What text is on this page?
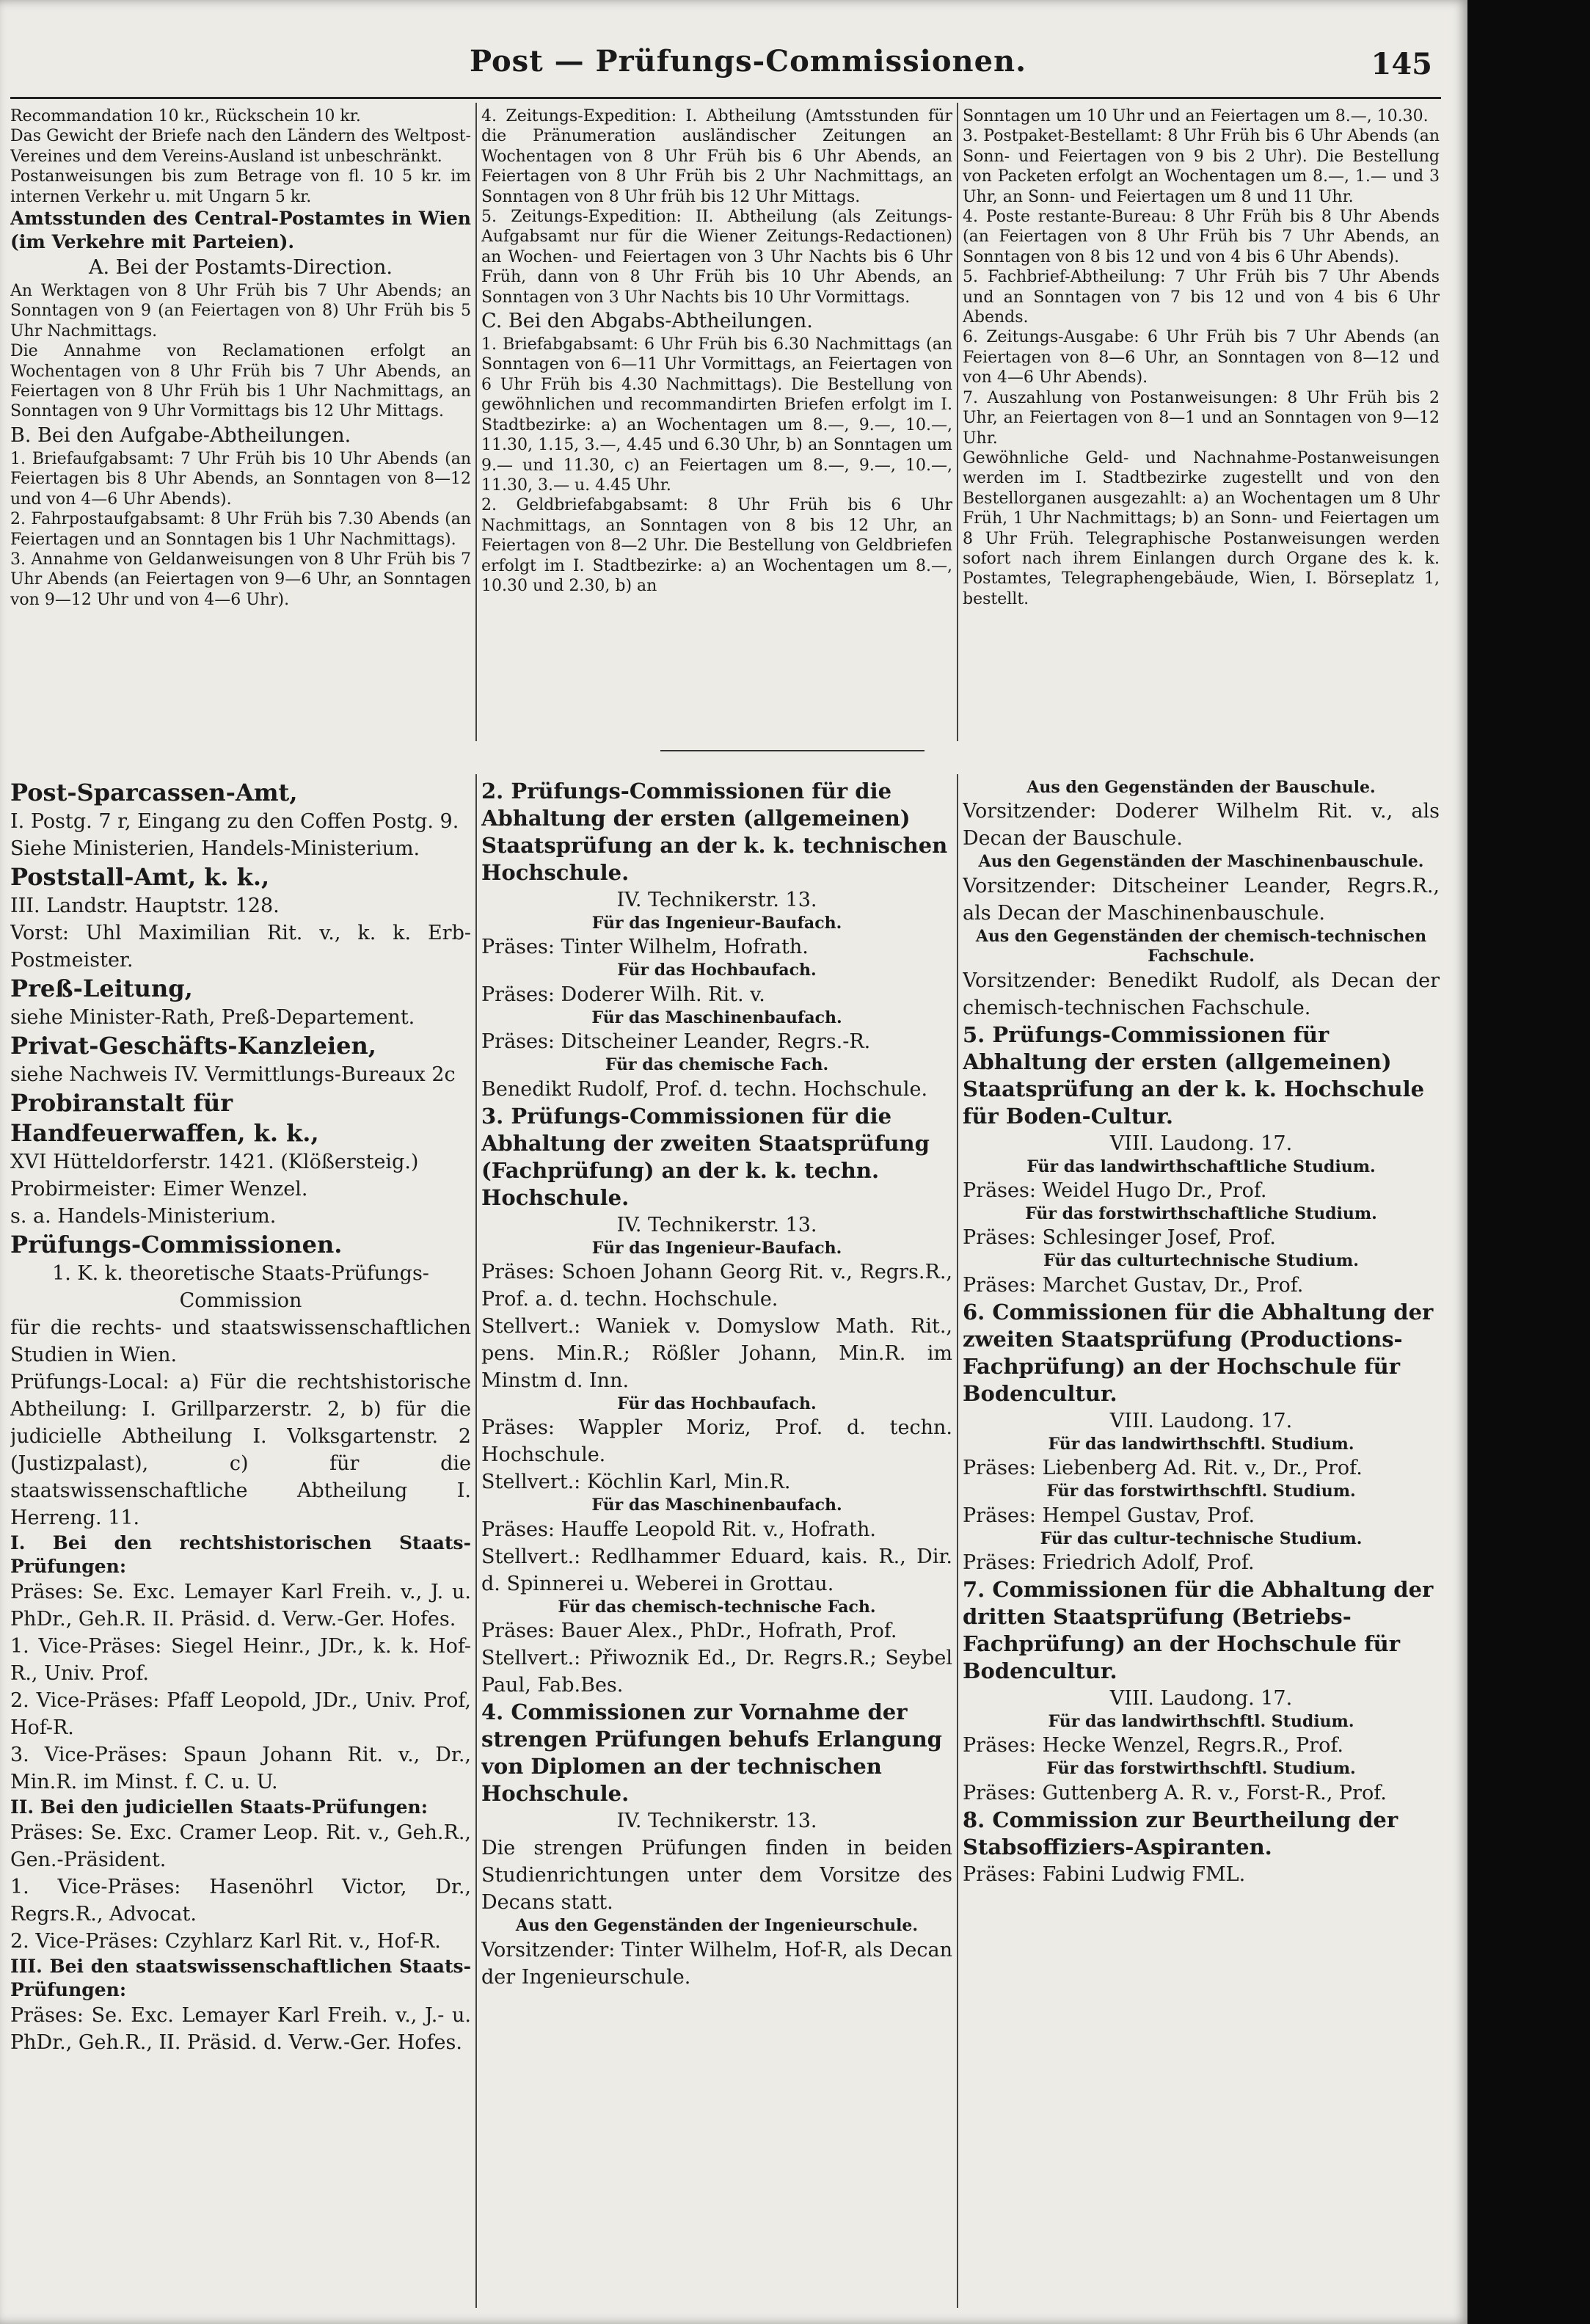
Post — Prüfungs-Commissionen.	145

Recommandation 10 kr., Rückschein 10 kr.

Das Gewicht der Briefe nach den Ländern des Weltpost-Vereines und dem Vereins-Ausland ist unbeschränkt.

Postanweisungen bis zum Betrage von fl. 10 5 kr. im internen Verkehr u. mit Ungarn 5 kr.

Amtsstunden des Central-Postamtes in Wien (im Verkehre mit Parteien).

A. Bei der Postamts-Direction.

An Werktagen von 8 Uhr Früh bis 7 Uhr Abends; an Sonntagen von 9 (an Feiertagen von 8) Uhr Früh bis 5 Uhr Nachmittags.

Die Annahme von Reclamationen erfolgt an Wochentagen von 8 Uhr Früh bis 7 Uhr Abends, an Feiertagen von 8 Uhr Früh bis 1 Uhr Nachmittags, an Sonntagen von 9 Uhr Vormittags bis 12 Uhr Mittags.

B. Bei den Aufgabe-Abtheilungen.

1. Briefaufgabsamt: 7 Uhr Früh bis 10 Uhr Abends (an Feiertagen bis 8 Uhr Abends, an Sonntagen von 8—12 und von 4—6 Uhr Abends).

2. Fahrpostaufgabsamt: 8 Uhr Früh bis 7.30 Abends (an Feiertagen und an Sonntagen bis 1 Uhr Nachmittags).

3. Annahme von Geldanweisungen von 8 Uhr Früh bis 7 Uhr Abends (an Feiertagen von 9—6 Uhr, an Sonntagen von 9—12 Uhr und von 4—6 Uhr).

4. Zeitungs-Expedition: I. Abtheilung (Amtsstunden für die Pränumeration ausländischer Zeitungen an Wochentagen von 8 Uhr Früh bis 6 Uhr Abends, an Feiertagen von 8 Uhr Früh bis 2 Uhr Nachmittags, an Sonntagen von 8 Uhr früh bis 12 Uhr Mittags.

5. Zeitungs-Expedition: II. Abtheilung (als Zeitungs-Aufgabsamt nur für die Wiener Zeitungs-Redactionen) an Wochen- und Feiertagen von 3 Uhr Nachts bis 6 Uhr Früh, dann von 8 Uhr Früh bis 10 Uhr Abends, an Sonntagen von 3 Uhr Nachts bis 10 Uhr Vormittags.

C. Bei den Abgabs-Abtheilungen.

1. Briefabgabsamt: 6 Uhr Früh bis 6.30 Nachmittags (an Sonntagen von 6—11 Uhr Vormittags, an Feiertagen von 6 Uhr Früh bis 4.30 Nachmittags). Die Bestellung von gewöhnlichen und recommandirten Briefen erfolgt im I. Stadtbezirke: a) an Wochentagen um 8.—, 9.—, 10.—, 11.30, 1.15, 3.—, 4.45 und 6.30 Uhr, b) an Sonntagen um 9.— und 11.30, c) an Feiertagen um 8.—, 9.—, 10.—, 11.30, 3.— u. 4.45 Uhr.

2. Geldbriefabgabsamt: 8 Uhr Früh bis 6 Uhr Nachmittags, an Sonntagen von 8 bis 12 Uhr, an Feiertagen von 8—2 Uhr. Die Bestellung von Geldbriefen erfolgt im I. Stadtbezirke: a) an Wochentagen um 8.—, 10.30 und 2.30, b) an

Sonntagen um 10 Uhr und an Feiertagen um 8.—, 10.30.

3. Postpaket-Bestellamt: 8 Uhr Früh bis 6 Uhr Abends (an Sonn- und Feiertagen von 9 bis 2 Uhr). Die Bestellung von Packeten erfolgt an Wochentagen um 8.—, 1.— und 3 Uhr, an Sonn- und Feiertagen um 8 und 11 Uhr.

4. Poste restante-Bureau: 8 Uhr Früh bis 8 Uhr Abends (an Feiertagen von 8 Uhr Früh bis 7 Uhr Abends, an Sonntagen von 8 bis 12 und von 4 bis 6 Uhr Abends).

5. Fachbrief-Abtheilung: 7 Uhr Früh bis 7 Uhr Abends und an Sonntagen von 7 bis 12 und von 4 bis 6 Uhr Abends.

6. Zeitungs-Ausgabe: 6 Uhr Früh bis 7 Uhr Abends (an Feiertagen von 8—6 Uhr, an Sonntagen von 8—12 und von 4—6 Uhr Abends).

7. Auszahlung von Postanweisungen: 8 Uhr Früh bis 2 Uhr, an Feiertagen von 8—1 und an Sonntagen von 9—12 Uhr.

Gewöhnliche Geld- und Nachnahme-Postanweisungen werden im I. Stadtbezirke zugestellt und von den Bestellorganen ausgezahlt: a) an Wochentagen um 8 Uhr Früh, 1 Uhr Nachmittags; b) an Sonn- und Feiertagen um 8 Uhr Früh. Telegraphische Postanweisungen werden sofort nach ihrem Einlangen durch Organe des k. k. Postamtes, Telegraphengebäude, Wien, I. Börseplatz 1, bestellt.

Post-Sparcassen-Amt,

I. Postg. 7 r, Eingang zu den Coffen Postg. 9.

Siehe Ministerien, Handels-Ministerium.

Poststall-Amt, k. k.,

III. Landstr. Hauptstr. 128.

Vorst: Uhl Maximilian Rit. v., k. k. Erb-Postmeister.

Preß-Leitung,

siehe Minister-Rath, Preß-Departement.

Privat-Geschäfts-Kanzleien,

siehe Nachweis IV. Vermittlungs-Bureaux 2c

Probiranstalt für Handfeuerwaffen, k. k.,

XVI Hütteldorferstr. 1421. (Klößersteig.)

Probirmeister: Eimer Wenzel.

s. a. Handels-Ministerium.

Prüfungs-Commissionen.

1. K. k. theoretische Staats-Prüfungs-Commission

für die rechts- und staatswissenschaftlichen Studien in Wien.

Prüfungs-Local: a) Für die rechtshistorische Abtheilung: I. Grillparzerstr. 2, b) für die judicielle Abtheilung I. Volksgartenstr. 2 (Justizpalast), c) für die staatswissenschaftliche Abtheilung I. Herreng. 11.

I. Bei den rechtshistorischen Staats-Prüfungen:

Präses: Se. Exc. Lemayer Karl Freih. v., J. u. PhDr., Geh.R. II. Präsid. d. Verw.-Ger. Hofes.

1. Vice-Präses: Siegel Heinr., JDr., k. k. Hof-R., Univ. Prof.

2. Vice-Präses: Pfaff Leopold, JDr., Univ. Prof, Hof-R.

3. Vice-Präses: Spaun Johann Rit. v., Dr., Min.R. im Minst. f. C. u. U.

II. Bei den judiciellen Staats-Prüfungen:

Präses: Se. Exc. Cramer Leop. Rit. v., Geh.R., Gen.-Präsident.

1. Vice-Präses: Hasenöhrl Victor, Dr., Regrs.R., Advocat.

2. Vice-Präses: Czyhlarz Karl Rit. v., Hof-R.

III. Bei den staatswissenschaftlichen Staats-Prüfungen:

Präses: Se. Exc. Lemayer Karl Freih. v., J.- u. PhDr., Geh.R., II. Präsid. d. Verw.-Ger. Hofes.

2. Prüfungs-Commissionen für die Abhaltung der ersten (allgemeinen) Staatsprüfung an der k. k. technischen Hochschule.

IV. Technikerstr. 13.

Für das Ingenieur-Baufach.

Präses: Tinter Wilhelm, Hofrath.

Für das Hochbaufach.

Präses: Doderer Wilh. Rit. v.

Für das Maschinenbaufach.

Präses: Ditscheiner Leander, Regrs.-R.

Für das chemische Fach.

Benedikt Rudolf, Prof. d. techn. Hochschule.

3. Prüfungs-Commissionen für die Abhaltung der zweiten Staatsprüfung (Fachprüfung) an der k. k. techn. Hochschule.

IV. Technikerstr. 13.

Für das Ingenieur-Baufach.

Präses: Schoen Johann Georg Rit. v., Regrs.R., Prof. a. d. techn. Hochschule.

Stellvert.: Waniek v. Domyslow Math. Rit., pens. Min.R.; Rößler Johann, Min.R. im Minstm d. Inn.

Für das Hochbaufach.

Präses: Wappler Moriz, Prof. d. techn. Hochschule.

Stellvert.: Köchlin Karl, Min.R.

Für das Maschinenbaufach.

Präses: Hauffe Leopold Rit. v., Hofrath.

Stellvert.: Redlhammer Eduard, kais. R., Dir. d. Spinnerei u. Weberei in Grottau.

Für das chemisch-technische Fach.

Präses: Bauer Alex., PhDr., Hofrath, Prof.

Stellvert.: Přiwoznik Ed., Dr. Regrs.R.; Seybel Paul, Fab.Bes.

4. Commissionen zur Vornahme der strengen Prüfungen behufs Erlangung von Diplomen an der technischen Hochschule.

IV. Technikerstr. 13.

Die strengen Prüfungen finden in beiden Studienrichtungen unter dem Vorsitze des Decans statt.

Aus den Gegenständen der Ingenieurschule.

Vorsitzender: Tinter Wilhelm, Hof-R, als Decan der Ingenieurschule.

Aus den Gegenständen der Bauschule.

Vorsitzender: Doderer Wilhelm Rit. v., als Decan der Bauschule.

Aus den Gegenständen der Maschinenbauschule.

Vorsitzender: Ditscheiner Leander, Regrs.R., als Decan der Maschinenbauschule.

Aus den Gegenständen der chemisch-technischen Fachschule.

Vorsitzender: Benedikt Rudolf, als Decan der chemisch-technischen Fachschule.

5. Prüfungs-Commissionen für Abhaltung der ersten (allgemeinen) Staatsprüfung an der k. k. Hochschule für Boden-Cultur.

VIII. Laudong. 17.

Für das landwirthschaftliche Studium.

Präses: Weidel Hugo Dr., Prof.

Für das forstwirthschaftliche Studium.

Präses: Schlesinger Josef, Prof.

Für das culturtechnische Studium.

Präses: Marchet Gustav, Dr., Prof.

6. Commissionen für die Abhaltung der zweiten Staatsprüfung (Productions-Fachprüfung) an der Hochschule für Bodencultur.

VIII. Laudong. 17.

Für das landwirthschftl. Studium.

Präses: Liebenberg Ad. Rit. v., Dr., Prof.

Für das forstwirthschftl. Studium.

Präses: Hempel Gustav, Prof.

Für das cultur-technische Studium.

Präses: Friedrich Adolf, Prof.

7. Commissionen für die Abhaltung der dritten Staatsprüfung (Betriebs-Fachprüfung) an der Hochschule für Bodencultur.

VIII. Laudong. 17.

Für das landwirthschftl. Studium.

Präses: Hecke Wenzel, Regrs.R., Prof.

Für das forstwirthschftl. Studium.

Präses: Guttenberg A. R. v., Forst-R., Prof.

8. Commission zur Beurtheilung der Stabsoffiziers-Aspiranten.

Präses: Fabini Ludwig FML.
